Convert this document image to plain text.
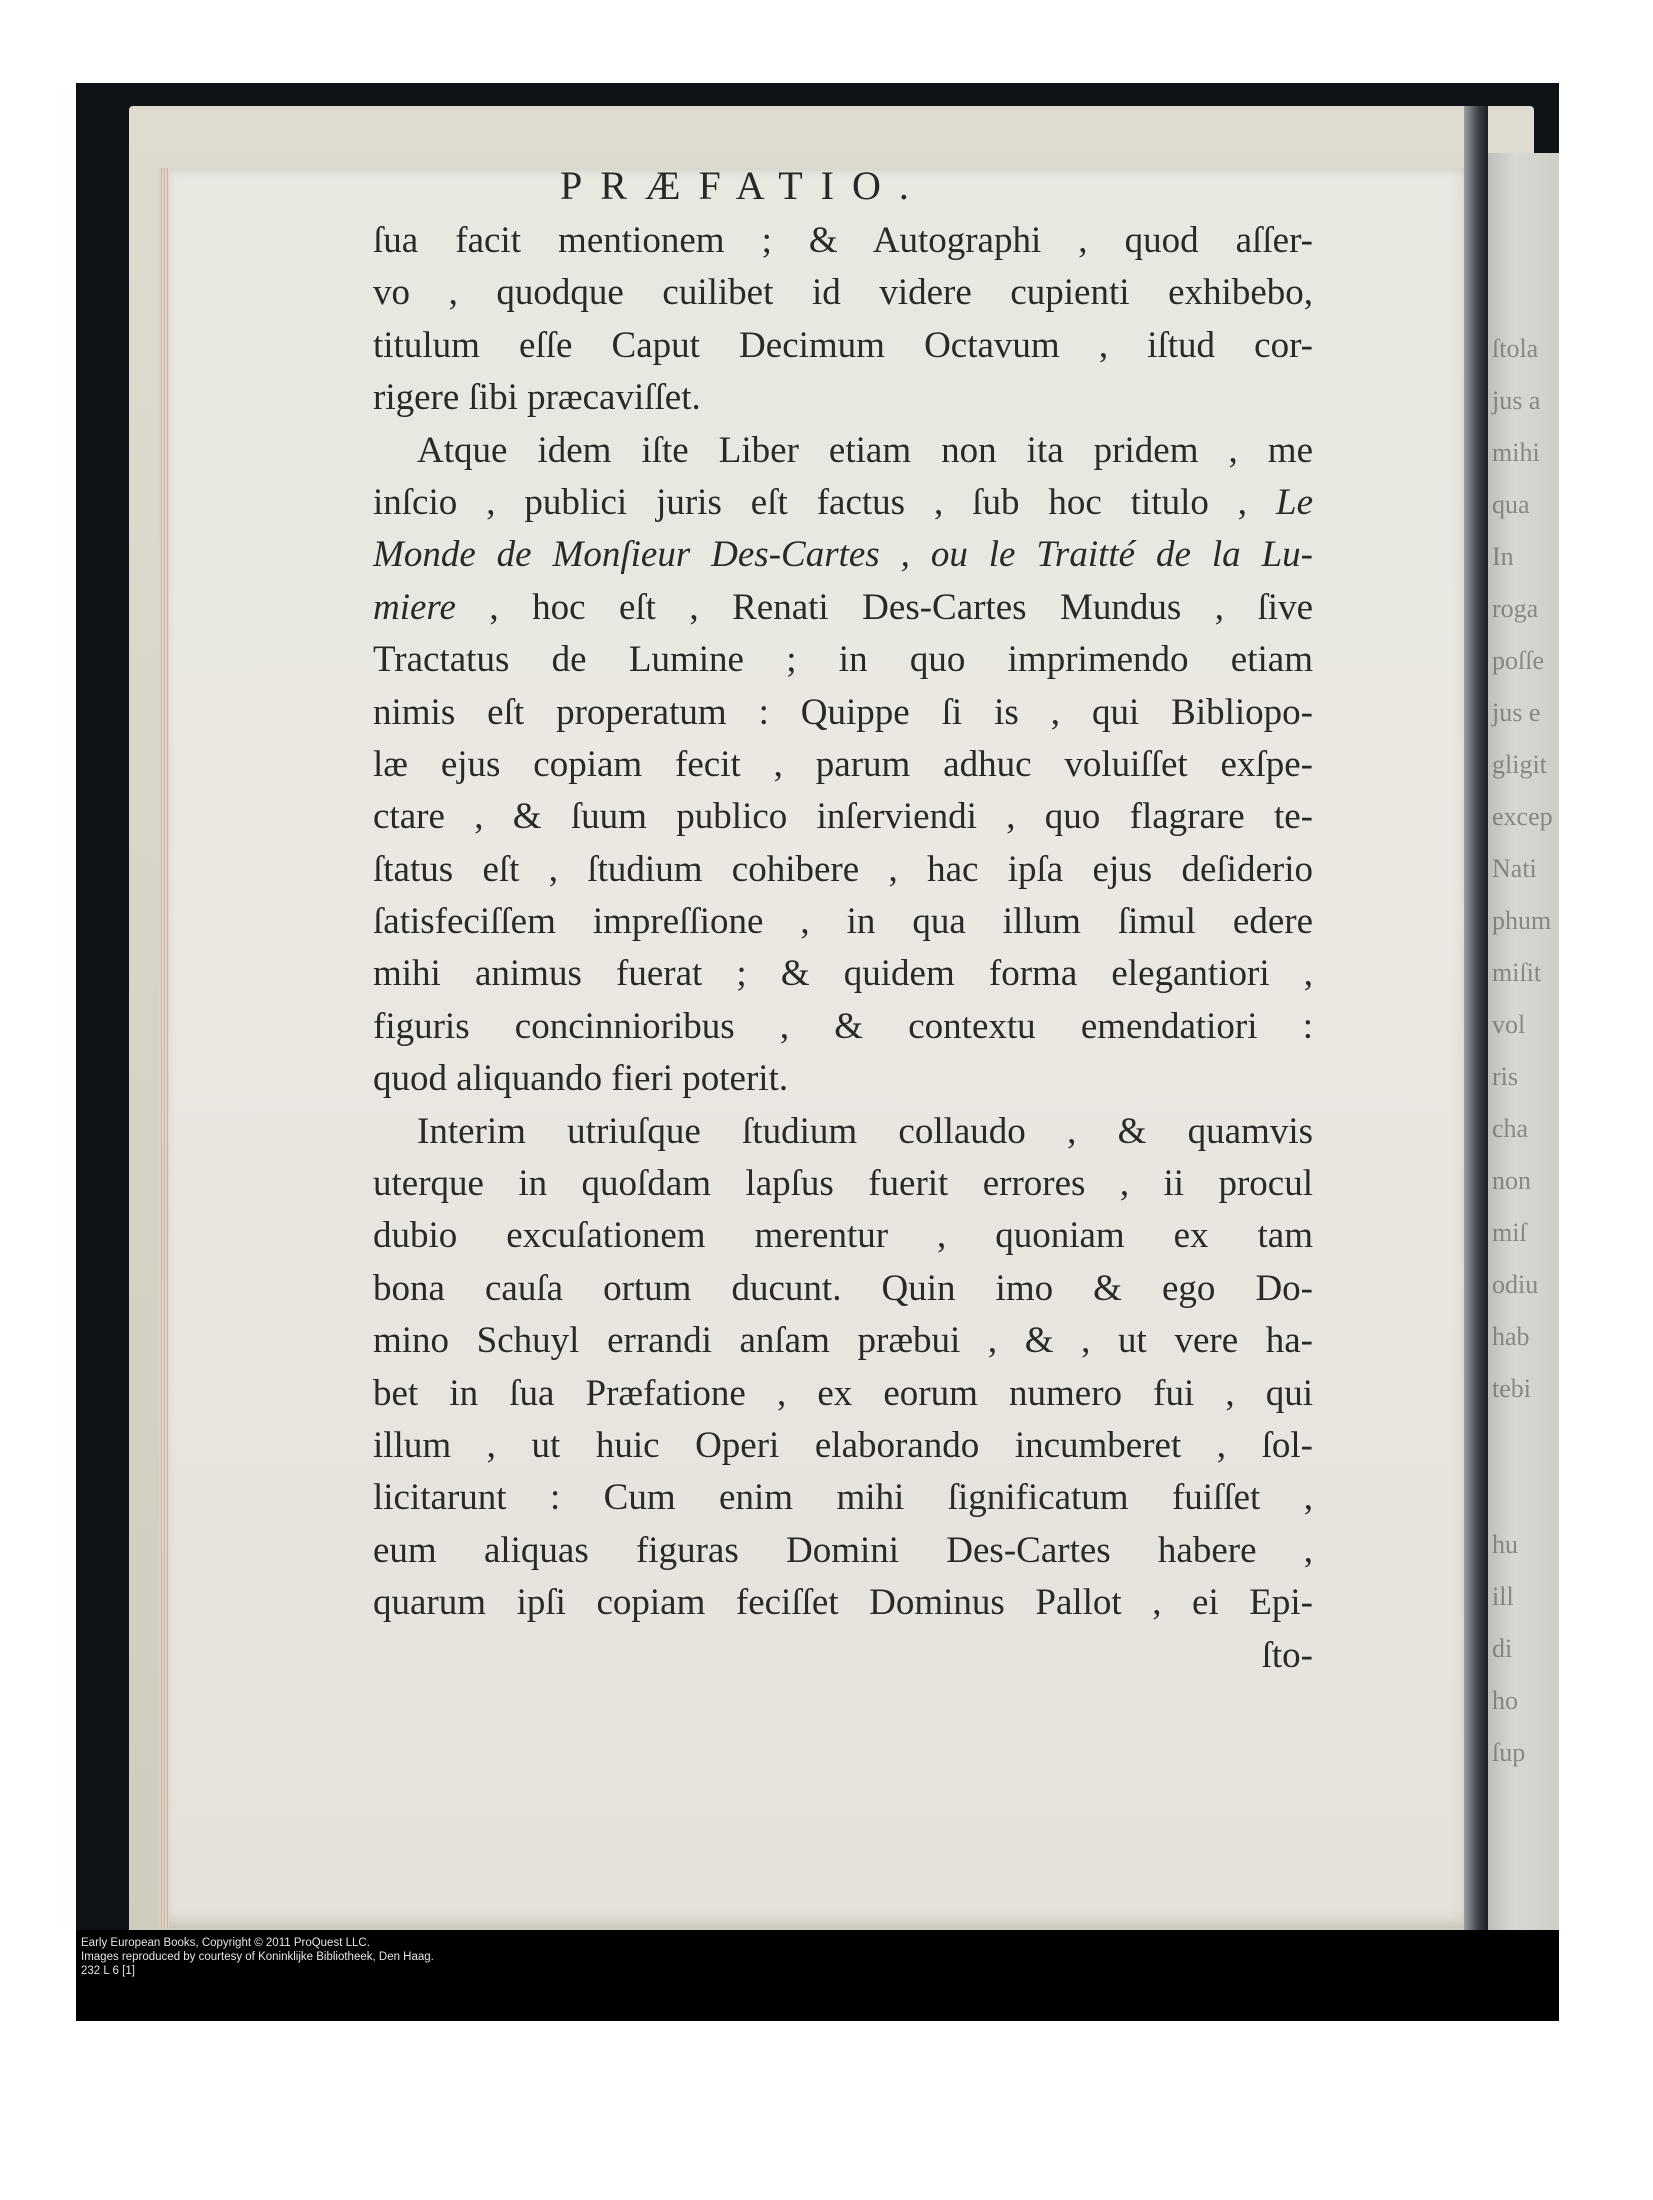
ſtola
jus a
mihi
qua
In
roga
poſſe
jus e
gligit
excep
Nati
phum
miſit
vol
ris
cha
non
miſ
odiu
hab
tebi

hu
ill
di
ho
ſup
PRÆFATIO.
ſua facit mentionem ; & Autographi , quod aſſer-
vo , quodque cuilibet id videre cupienti exhibebo,
titulum eſſe Caput Decimum Octavum , iſtud cor-
rigere ſibi præcaviſſet.
Atque idem iſte Liber etiam non ita pridem , me
inſcio , publici juris eſt factus , ſub hoc titulo , Le
Monde de Monſieur Des-Cartes , ou le Traitté de la Lu-
miere , hoc eſt , Renati Des-Cartes Mundus , ſive
Tractatus de Lumine ; in quo imprimendo etiam
nimis eſt properatum : Quippe ſi is , qui Bibliopo-
læ ejus copiam fecit , parum adhuc voluiſſet exſpe-
ctare , & ſuum publico inſerviendi , quo flagrare te-
ſtatus eſt , ſtudium cohibere , hac ipſa ejus deſiderio
ſatisfeciſſem impreſſione , in qua illum ſimul edere
mihi animus fuerat ; & quidem forma elegantiori ,
figuris concinnioribus , & contextu emendatiori :
quod aliquando fieri poterit.
Interim utriuſque ſtudium collaudo , & quamvis
uterque in quoſdam lapſus fuerit errores , ii procul
dubio excuſationem merentur , quoniam ex tam
bona cauſa ortum ducunt. Quin imo & ego Do-
mino Schuyl errandi anſam præbui , & , ut vere ha-
bet in ſua Præfatione , ex eorum numero fui , qui
illum , ut huic Operi elaborando incumberet , ſol-
licitarunt : Cum enim mihi ſignificatum fuiſſet ,
eum aliquas figuras Domini Des-Cartes habere ,
quarum ipſi copiam feciſſet Dominus Pallot , ei Epi-
ſto-
Early European Books, Copyright © 2011 ProQuest LLC.
Images reproduced by courtesy of Koninklijke Bibliotheek, Den Haag.
232 L 6 [1]
